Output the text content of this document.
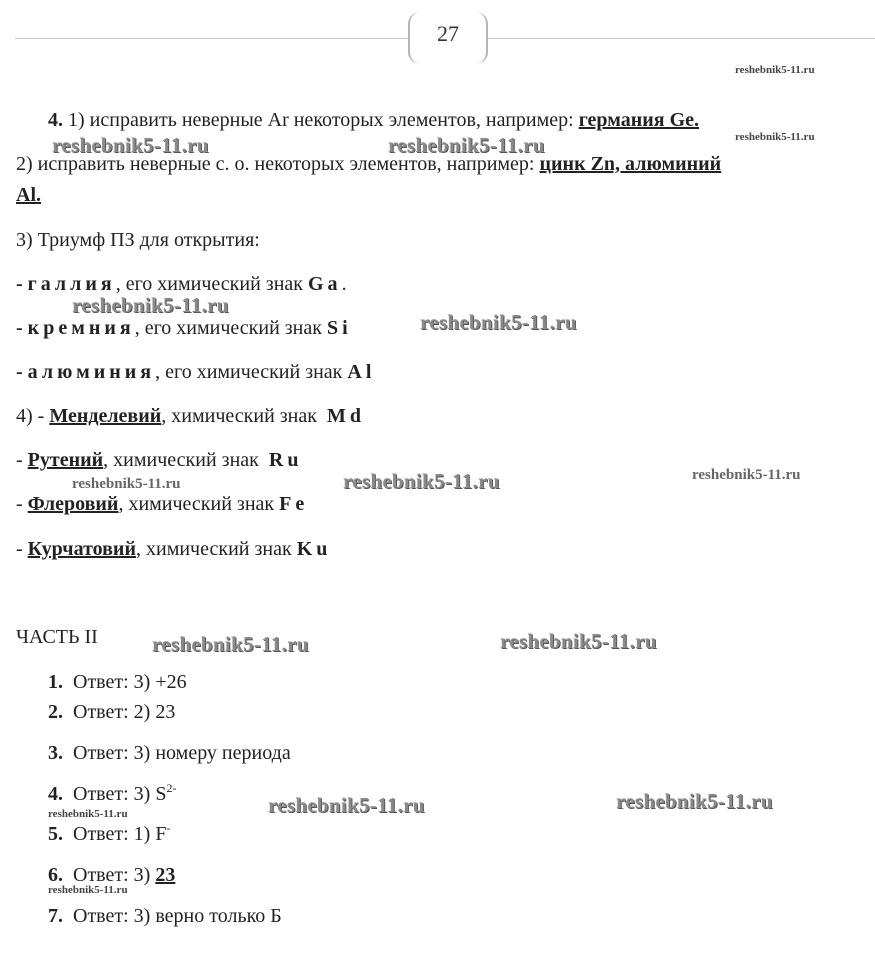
27
4. 1) исправить неверные Ar некоторых элементов, например: германия Ge.
2) исправить неверные с. о. некоторых элементов, например: цинк Zn, алюминий
Al.
3) Триумф ПЗ для открытия:
- галлия, его химический знак Ga.
- кремния, его химический знак Si
- алюминия, его химический знак Al
4) - Менделевий, химический знак Md
- Рутений, химический знак Ru
- Флеровий, химический знак Fe
- Курчатовий, химический знак Ku
ЧАСТЬ II
1. Ответ: 3) +26
2. Ответ: 2) 23
3. Ответ: 3) номеру периода
4. Ответ: 3) $S^{2-}$
5. Ответ: 1) F-
6. Ответ: 3) 23
7. Ответ: 3) верно только Б
reshebnik5-11.ru
reshebnik5-11.ru	reshebnik5-11.ru	reshebnik5-11.ru
reshebnik5-11.ru
reshebnik5-11.ru
reshebnik5-11.ru	reshebnik5-11.ru	reshebnik5-11.ru
reshebnik5-11.ru	reshebnik5-11.ru
reshebnik5-11.ru	reshebnik5-11.ru
reshebnik5-11.ru
reshebnik5-11.ru
